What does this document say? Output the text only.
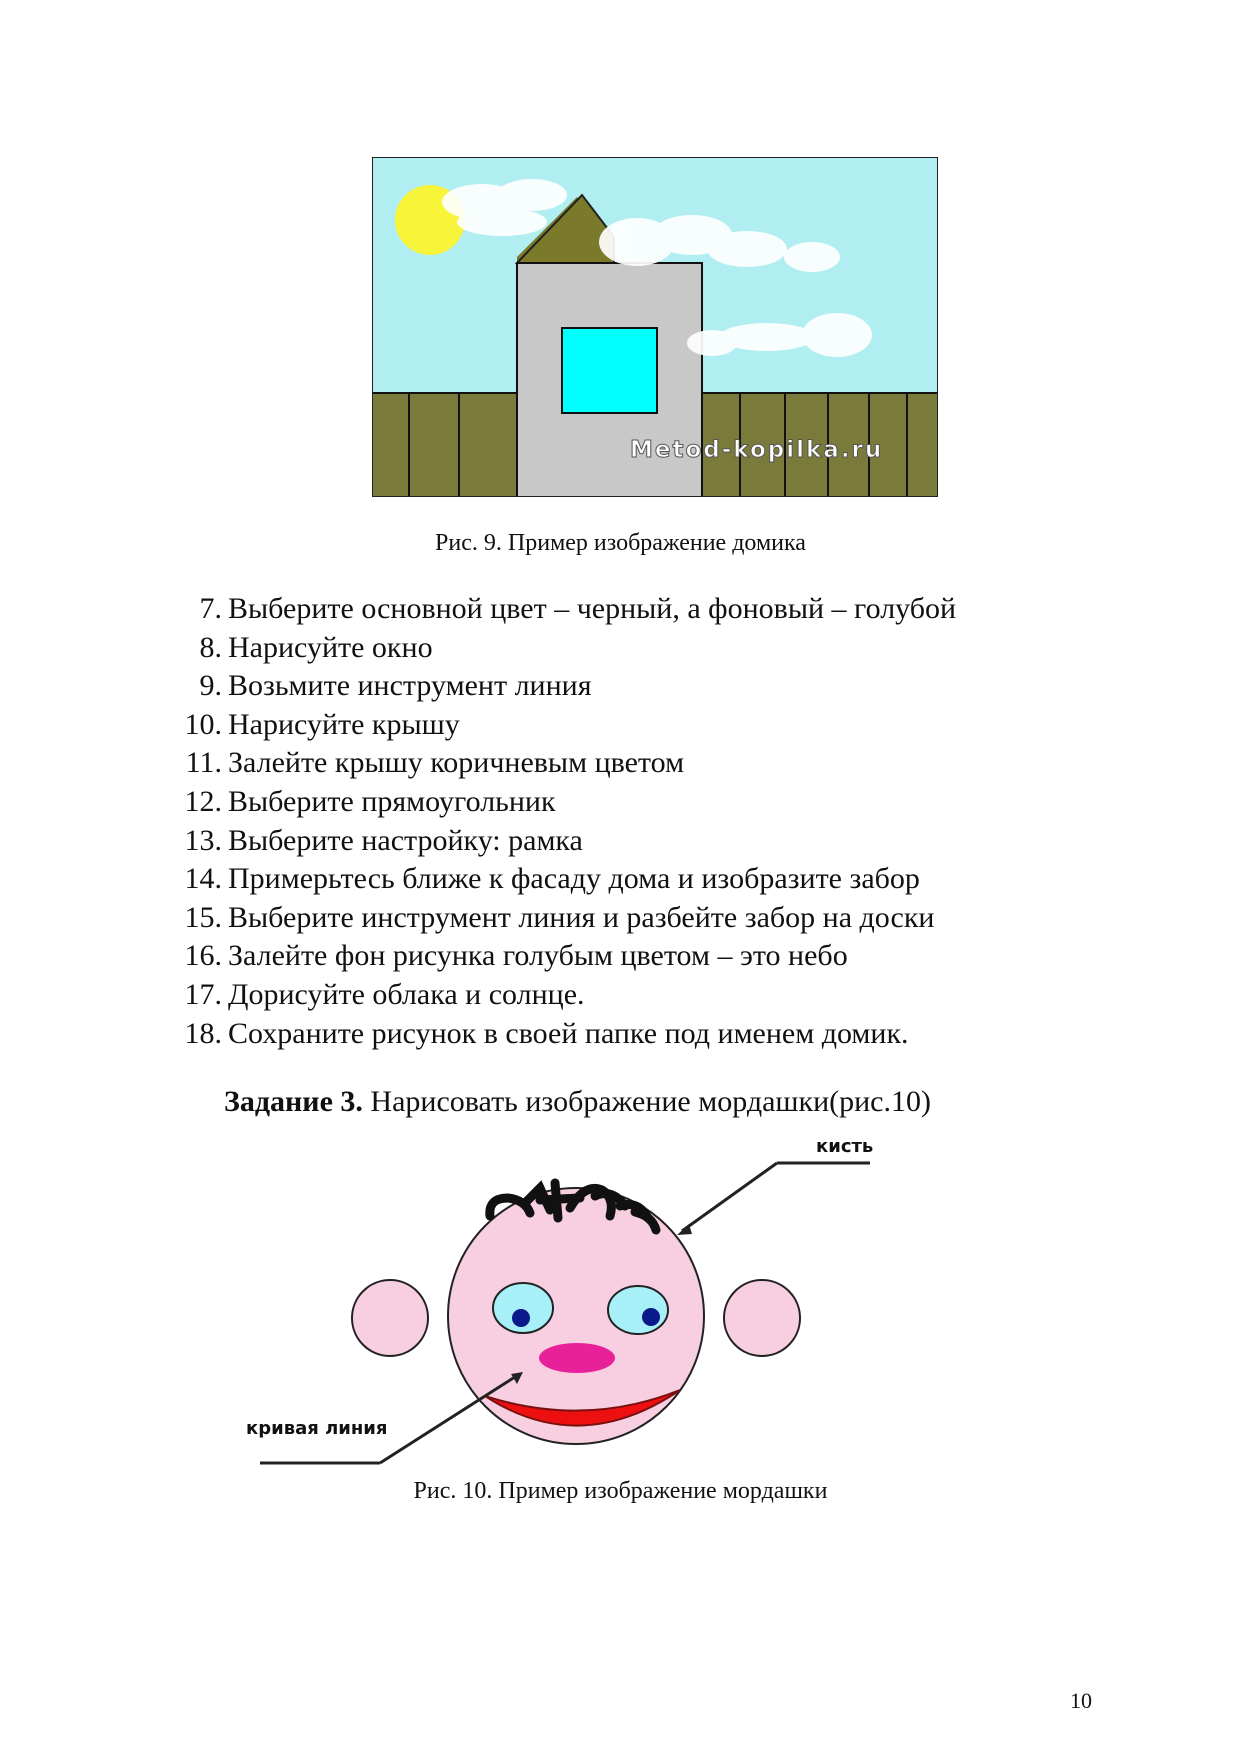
Metod-kopilka.ru
Рис. 9. Пример изображение домика
7. Выберите основной цвет – черный, а фоновый – голубой
8. Нарисуйте окно
9. Возьмите инструмент линия
10. Нарисуйте крышу
11. Залейте крышу коричневым цветом
12. Выберите прямоугольник
13. Выберите настройку: рамка
14. Примерьтесь ближе к фасаду дома и изобразите забор
15. Выберите инструмент линия и разбейте забор на доски
16. Залейте фон рисунка голубым цветом – это небо
17. Дорисуйте облака и солнце.
18. Сохраните рисунок в своей папке под именем домик.
Задание 3. Нарисовать изображение мордашки(рис.10)
кисть
кривая линия
Рис. 10. Пример изображение мордашки
10
